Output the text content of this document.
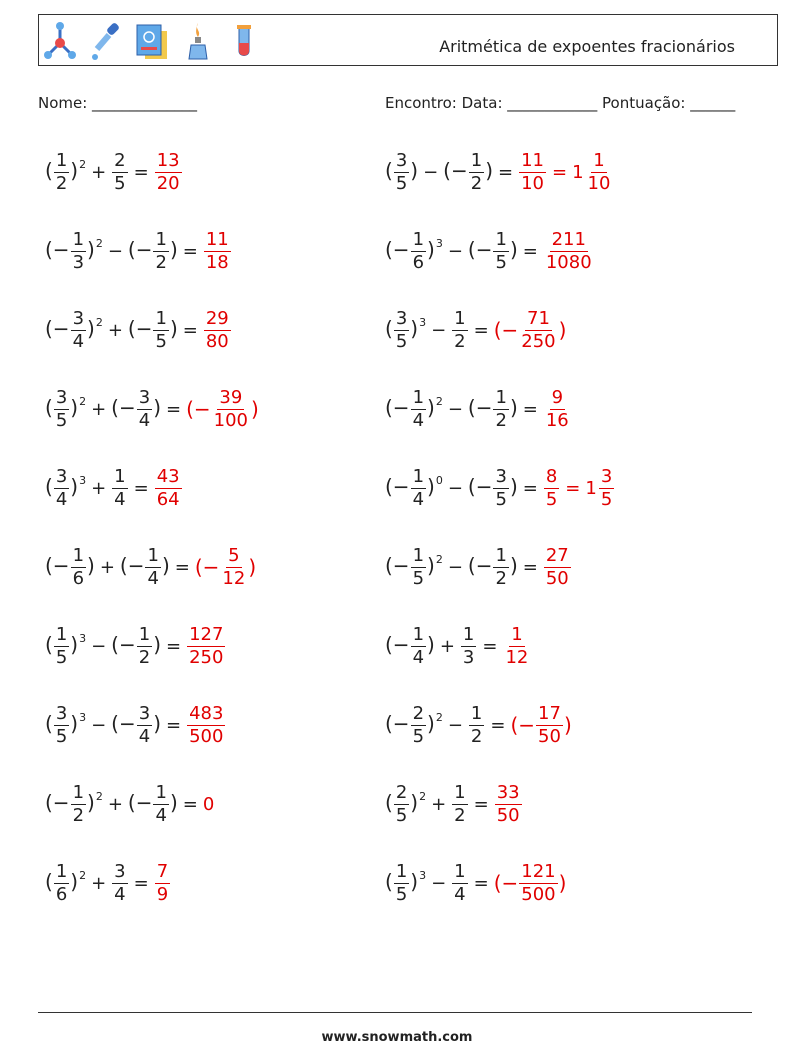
Aritmética de expoentes fracionários
Nome: ______________	Encontro: Data: ____________ Pontuação: ______
( $\frac{1}{2} )^2 + \frac{2}{5} = \frac{13}{20}$
(− $\frac{1}{3} )^2$ − (− $\frac{1}{2}$ ) = $\frac{11}{18}$
(− $\frac{3}{4} )^2$ + (− $\frac{1}{5}$ ) = $\frac{29}{80}$
( $\frac{3}{5} )^2$ + (− $\frac{3}{4}$ ) = (− $\frac{39}{100}$ )
( $\frac{3}{4} )^3 + \frac{1}{4} = \frac{43}{64}$
(− $\frac{1}{6}$ ) + (− $\frac{1}{4}$ ) = (− $\frac{5}{12}$ )
( $\frac{1}{5} )^3$ − (− $\frac{1}{2}$ ) = $\frac{127}{250}$
( $\frac{3}{5} )^3$ − (− $\frac{3}{4}$ ) = $\frac{483}{500}$
(− $\frac{1}{2} )^2$ + (− $\frac{1}{4}$ ) = 0
( $\frac{1}{6} )^2 + \frac{3}{4} = \frac{7}{9}$
( $\frac{3}{5}$ ) − (− $\frac{1}{2}$ ) = $\frac{11}{10} = 1 \frac{1}{10}$
(− $\frac{1}{6} )^3$ − (− $\frac{1}{5}$ ) = $\frac{211}{1080}$
( $\frac{3}{5} )^3 - \frac{1}{2}$ = (− $\frac{71}{250}$ )
(− $\frac{1}{4} )^2$ − (− $\frac{1}{2}$ ) = $\frac{9}{16}$
(− $\frac{1}{4} )^0$ − (− $\frac{3}{5}$ ) = $\frac{8}{5} = 1 \frac{3}{5}$
(− $\frac{1}{5} )^2$ − (− $\frac{1}{2}$ ) = $\frac{27}{50}$
(− $\frac{1}{4}$ ) + $\frac{1}{3} = \frac{1}{12}$
(− $\frac{2}{5} )^2 - \frac{1}{2}$ = (− $\frac{17}{50}$ )
( $\frac{2}{5} )^2 + \frac{1}{2} = \frac{33}{50}$
( $\frac{1}{5} )^3 - \frac{1}{4}$ = (− $\frac{121}{500}$ )
www.snowmath.com
